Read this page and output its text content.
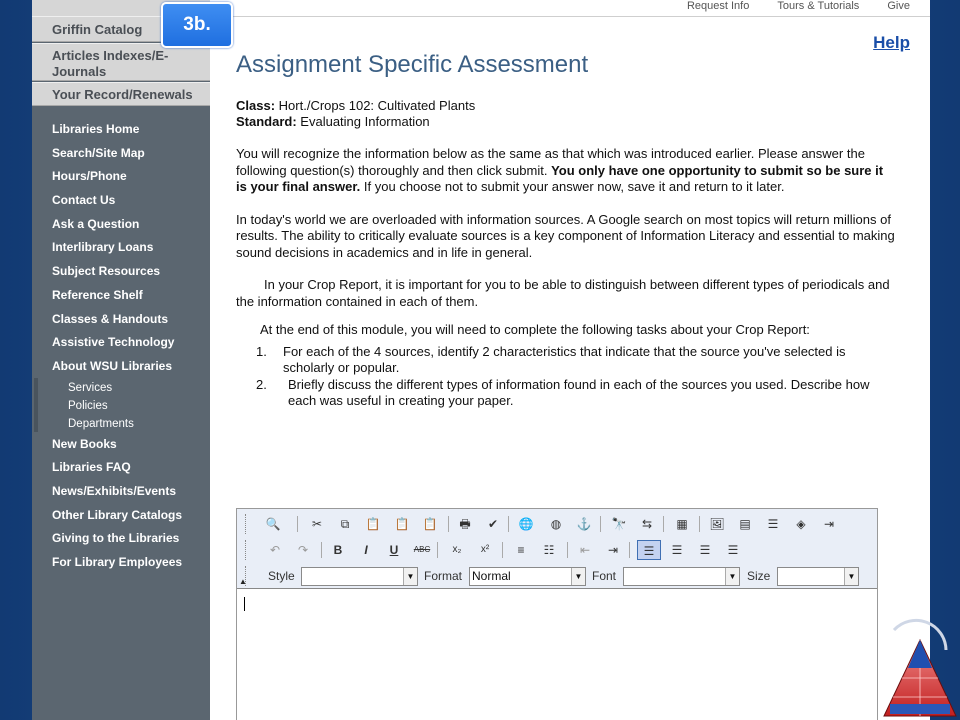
Griffin Catalog
Articles Indexes/E-Journals
Your Record/Renewals
Libraries Home
Search/Site Map
Hours/Phone
Contact Us
Ask a Question
Interlibrary Loans
Subject Resources
Reference Shelf
Classes & Handouts
Assistive Technology
About WSU Libraries
Services
Policies
Departments
New Books
Libraries FAQ
News/Exhibits/Events
Other Library Catalogs
Giving to the Libraries
For Library Employees
Request Info	Tours & Tutorials	Give
Help
Assignment Specific Assessment
Class: Hort./Crops 102: Cultivated Plants
Standard: Evaluating Information

You will recognize the information below as the same as that which was introduced earlier. Please answer the following question(s) thoroughly and then click submit. You only have one opportunity to submit so be sure it is your final answer. If you choose not to submit your answer now, save it and return to it later.

In today's world we are overloaded with information sources. A Google search on most topics will return millions of results. The ability to critically evaluate sources is a key component of Information Literacy and essential to making sound decisions in academics and in life in general.

In your Crop Report, it is important for you to be able to distinguish between different types of periodicals and the information contained in each of them.

At the end of this module, you will need to complete the following tasks about your Crop Report:

1.	For each of the 4 sources, identify 2 characteristics that indicate that the source you've selected is scholarly or popular.
2.	Briefly discuss the different types of information found in each of the sources you used. Describe how each was useful in creating your paper.
3b.
🔍	✂	⧉	📋 📋 📋	🖶	✔	🌐	◍	⚓ 🔭	⇆	▦	🖼	▤	☰	◈	⇥
↶	↷	B	I	U	ABC	x₂	x²	≡	☷	⇤	⇥	☰	☰	☰	☰
Style	▼ Format Normal	▼ Font	▼ Size	▼
▲
